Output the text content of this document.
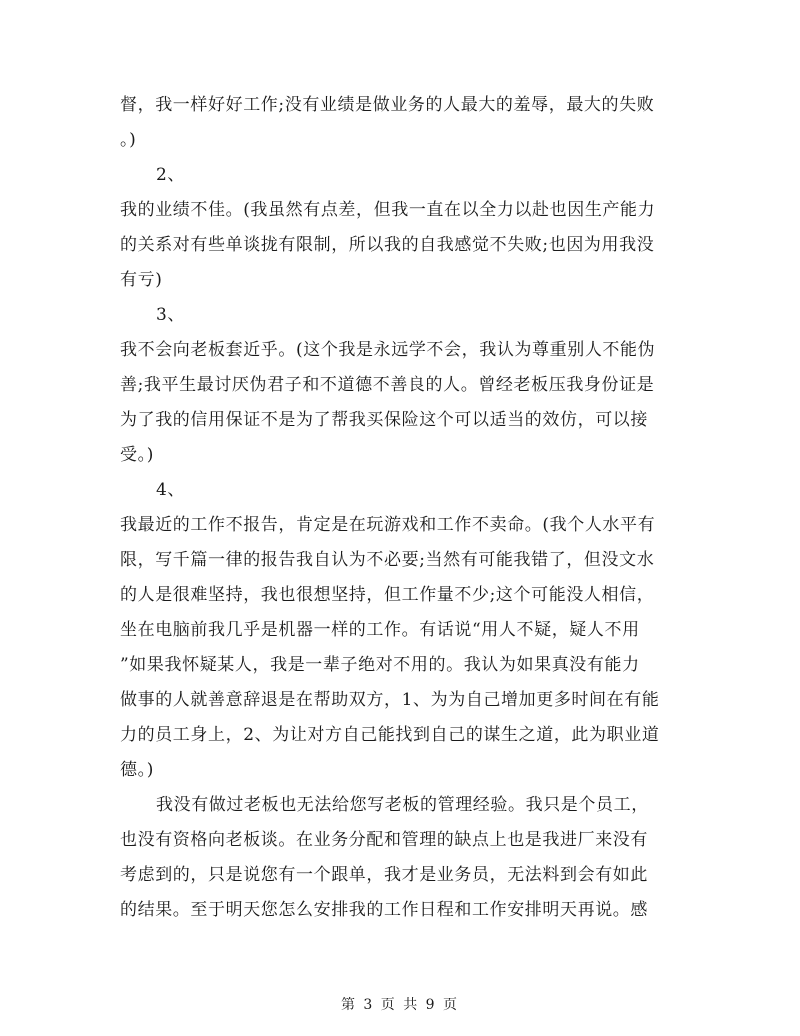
督，我一样好好工作;没有业绩是做业务的人最大的羞辱，最大的失败
。)
2、
我的业绩不佳。(我虽然有点差，但我一直在以全力以赴也因生产能力
的关系对有些单谈拢有限制，所以我的自我感觉不失败;也因为用我没
有亏)
3、
我不会向老板套近乎。(这个我是永远学不会，我认为尊重别人不能伪
善;我平生最讨厌伪君子和不道德不善良的人。曾经老板压我身份证是
为了我的信用保证不是为了帮我买保险这个可以适当的效仿，可以接
受。)
4、
我最近的工作不报告，肯定是在玩游戏和工作不卖命。(我个人水平有
限，写千篇一律的报告我自认为不必要;当然有可能我错了，但没文水
的人是很难坚持，我也很想坚持，但工作量不少;这个可能没人相信，
坐在电脑前我几乎是机器一样的工作。有话说“用人不疑，疑人不用
”如果我怀疑某人，我是一辈子绝对不用的。我认为如果真没有能力
做事的人就善意辞退是在帮助双方，1、为为自己增加更多时间在有能
力的员工身上，2、为让对方自己能找到自己的谋生之道，此为职业道
德。)
我没有做过老板也无法给您写老板的管理经验。我只是个员工，
也没有资格向老板谈。在业务分配和管理的缺点上也是我进厂来没有
考虑到的，只是说您有一个跟单，我才是业务员，无法料到会有如此
的结果。至于明天您怎么安排我的工作日程和工作安排明天再说。感
第 3 页 共 9 页
